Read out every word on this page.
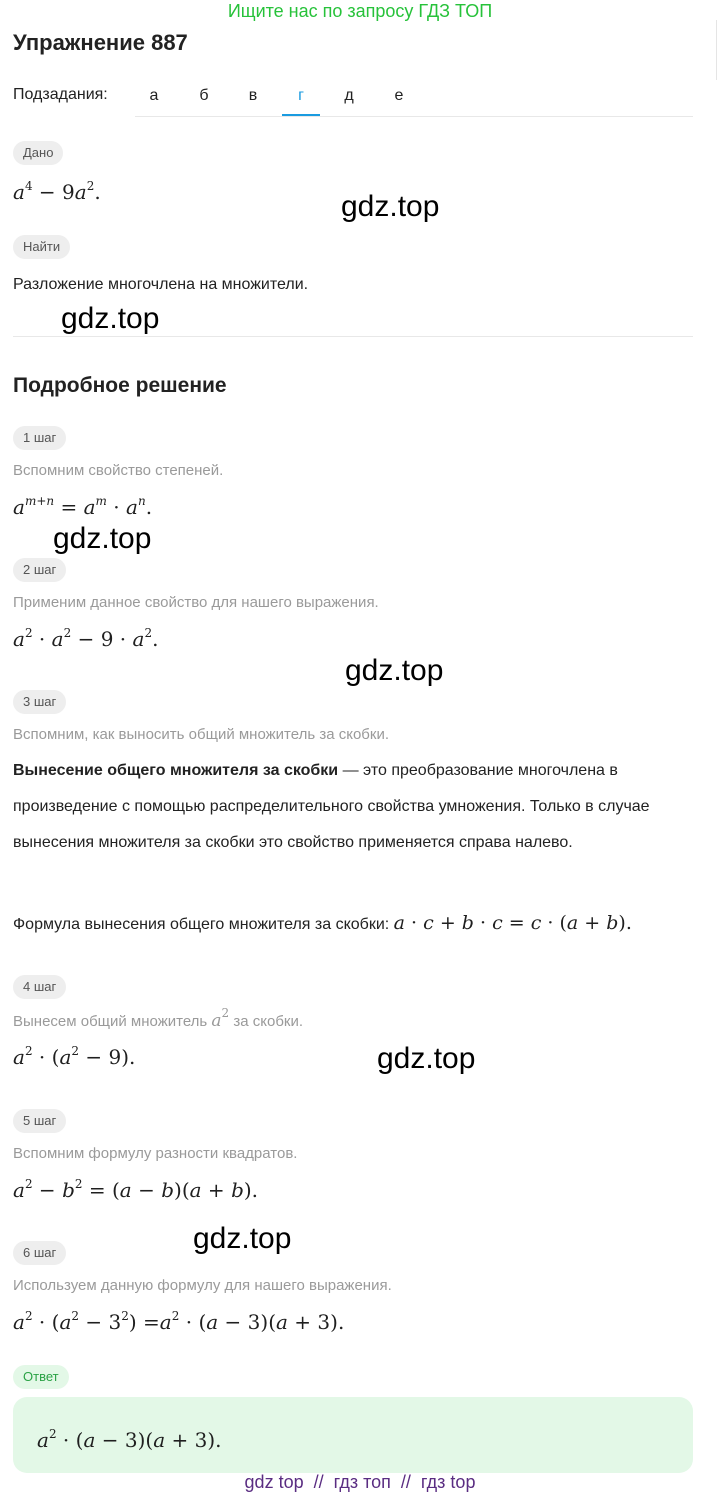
Ищите нас по запросу ГДЗ ТОП
Упражнение 887
Подзадания:	а	б	в	г	д	е
Дано
$a^4 - 9a^2$.	gdz.top
Найти
Разложение многочлена на множители.
gdz.top
Подробное решение
1 шаг
Вспомним свойство степеней.
$a^{m+n} = a^m \cdot a^n$.
gdz.top
2 шаг
Применим данное свойство для нашего выражения.
$a^2 \cdot a^2 - 9 \cdot a^2$.
gdz.top
3 шаг
Вспомним, как выносить общий множитель за скобки.
Вынесение общего множителя за скобки — это преобразование многочлена в произведение с помощью распределительного свойства умножения. Только в случае вынесения множителя за скобки это свойство применяется справа налево.
Формула вынесения общего множителя за скобки: a · c + b · c = c · (a + b).
4 шаг
Вынесем общий множитель $a^2$ за скобки.
$a^2 \cdot (a^2 - 9)$.	gdz.top
5 шаг
Вспомним формулу разности квадратов.
$a^2 - b^2 = (a - b)(a + b)$.
gdz.top
6 шаг
Используем данную формулу для нашего выражения.
$a^2 \cdot (a^2 - 3^2) =a^2 \cdot (a - 3)(a + 3)$.
Ответ
$a^2 \cdot (a - 3)(a + 3)$.
gdz top  //  гдз топ  //  гдз top
